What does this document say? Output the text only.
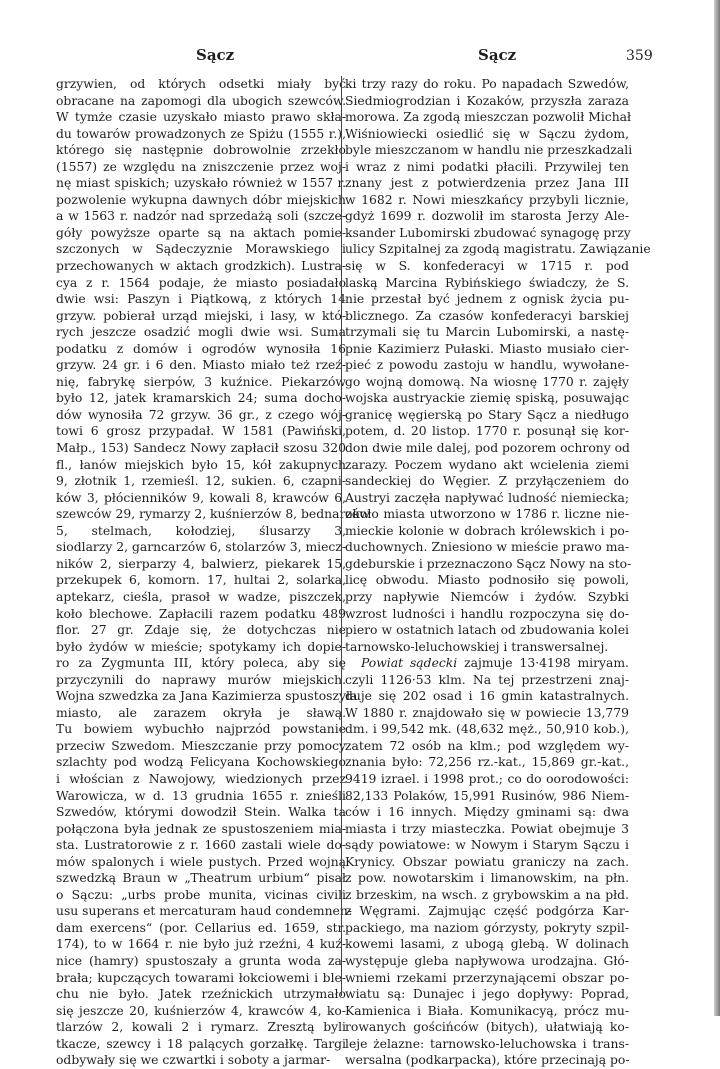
Sącz	Sącz	359
grzywien, od których odsetki miały być
obracane na zapomogi dla ubogich szewców.
W tymże czasie uzyskało miasto prawo skła-
du towarów prowadzonych ze Spiżu (1555 r.),
którego się następnie dobrowolnie zrzekło
(1557) ze względu na zniszczenie przez woj-
nę miast spiskich; uzyskało również w 1557 r.
pozwolenie wykupna dawnych dóbr miejskich
a w 1563 r. nadzór nad sprzedażą soli (szcze-
góły powyższe oparte są na aktach pomie-
szczonych w Sądeczyznie Morawskiego i
przechowanych w aktach grodzkich). Lustra-
cya z r. 1564 podaje, że miasto posiadało
dwie wsi: Paszyn i Piątkową, z których 14
grzyw. pobierał urząd miejski, i lasy, w któ-
rych jeszcze osadzić mogli dwie wsi. Suma
podatku z domów i ogrodów wynosiła 16
grzyw. 24 gr. i 6 den. Miasto miało też rzeź-
nię, fabrykę sierpów, 3 kuźnice. Piekarzów
było 12, jatek kramarskich 24; suma docho-
dów wynosiła 72 grzyw. 36 gr., z czego wój-
towi 6 grosz przypadał. W 1581 (Pawiński,
Małp., 153) Sandecz Nowy zapłacił szosu 320
fl., łanów miejskich było 15, kół zakupnych
9, złotnik 1, rzemieśl. 12, sukien. 6, czapni-
ków 3, płócienników 9, kowali 8, krawców 6,
szewców 29, rymarzy 2, kuśnierzów 8, bednarzów
5, stelmach, kołodziej, ślusarzy 3,
siodlarzy 2, garncarzów 6, stolarzów 3, miecz-
ników 2, sierparzy 4, balwierz, piekarek 15,
przekupek 6, komorn. 17, hultai 2, solarka,
aptekarz, cieśla, prasoł w wadze, piszczek,
koło blechowe. Zapłacili razem podatku 489
flor. 27 gr. Zdaje się, że dotychczas nie
było żydów w mieście; spotykamy ich dopie-
ro za Zygmunta III, który poleca, aby się
przyczynili do naprawy murów miejskich.
Wojna szwedzka za Jana Kazimierza spustoszyła
miasto, ale zarazem okryła je sławą.
Tu bowiem wybuchło najprzód powstanie
przeciw Szwedom. Mieszczanie przy pomocy
szlachty pod wodzą Felicyana Kochowskiego
i włościan z Nawojowy, wiedzionych przez
Warowicza, w d. 13 grudnia 1655 r. znieśli
Szwedów, którymi dowodził Stein. Walka ta
połączona była jednak ze spustoszeniem mia-
sta. Lustratorowie z r. 1660 zastali wiele do-
mów spalonych i wiele pustych. Przed wojną
szwedzką Braun w „Theatrum urbium“ pisał
o Sączu: „urbs probe munita, vicinas civili
usu superans et mercaturam haud condemnen-
dam exercens“ (por. Cellarius ed. 1659, str.
174), to w 1664 r. nie było już rzeźni, 4 kuź-
nice (hamry) spustoszały a grunta woda za-
brała; kupczących towarami łokciowemi i ble-
chu nie było. Jatek rzeźnickich utrzymało
się jeszcze 20, kuśnierzów 4, krawców 4, ko-
tlarzów 2, kowali 2 i rymarz. Zresztą byli
tkacze, szewcy i 18 palących gorzałkę. Targi
odbywały się we czwartki i soboty a jarmar-
ki trzy razy do roku. Po napadach Szwedów,
Siedmiogrodzian i Kozaków, przyszła zaraza
morowa. Za zgodą mieszczan pozwolił Michał
Wiśniowiecki osiedlić się w Sączu żydom,
byle mieszczanom w handlu nie przeszkadzali
i wraz z nimi podatki płacili. Przywilej ten
znany jest z potwierdzenia przez Jana III
w 1682 r. Nowi mieszkańcy przybyli licznie,
gdyż 1699 r. dozwolił im starosta Jerzy Ale-
ksander Lubomirski zbudować synagogę przy
ulicy Szpitalnej za zgodą magistratu. Zawiązanie
się w S. konfederacyi w 1715 r. pod
laską Marcina Rybińskiego świadczy, że S.
nie przestał być jednem z ognisk życia pu-
blicznego. Za czasów konfederacyi barskiej
trzymali się tu Marcin Lubomirski, a nastę-
pnie Kazimierz Pułaski. Miasto musiało cier-
pieć z powodu zastoju w handlu, wywołane-
go wojną domową. Na wiosnę 1770 r. zajęły
wojska austryackie ziemię spiską, posuwając
granicę węgierską po Stary Sącz a niedługo
potem, d. 20 listop. 1770 r. posunął się kor-
don dwie mile dalej, pod pozorem ochrony od
zarazy. Poczem wydano akt wcielenia ziemi
sandeckiej do Węgier. Z przyłączeniem do
Austryi zaczęła napływać ludność niemiecka;
około miasta utworzono w 1786 r. liczne nie-
mieckie kolonie w dobrach królewskich i po-
duchownych. Zniesiono w mieście prawo ma-
gdeburskie i przeznaczono Sącz Nowy na sto-
licę obwodu. Miasto podnosiło się powoli,
przy napływie Niemców i żydów. Szybki
wzrost ludności i handlu rozpoczyna się do-
piero w ostatnich latach od zbudowania kolei
tarnowsko-leluchowskiej i transwersalnej.
Powiat sądecki zajmuje 13·4198 miryam.
czyli 1126·53 klm. Na tej przestrzeni znaj-
duje się 202 osad i 16 gmin katastralnych.
W 1880 r. znajdowało się w powiecie 13,779
dm. i 99,542 mk. (48,632 męż., 50,910 kob.),
zatem 72 osób na klm.; pod względem wy-
znania było: 72,256 rz.-kat., 15,869 gr.-kat.,
9419 izrael. i 1998 prot.; co do oorodowości:
82,133 Polaków, 15,991 Rusinów, 986 Niem-
ców i 16 innych. Między gminami są: dwa
miasta i trzy miasteczka. Powiat obejmuje 3
sądy powiatowe: w Nowym i Starym Sączu i
Krynicy. Obszar powiatu graniczy na zach.
z pow. nowotarskim i limanowskim, na płn.
z brzeskim, na wsch. z grybowskim a na płd.
z Węgrami. Zajmując część podgórza Kar-
packiego, ma naziom górzysty, pokryty szpil-
kowemi lasami, z ubogą glebą. W dolinach
występuje gleba napływowa urodzajna. Głó-
wniemi rzekami przerzynającemi obszar po-
wiatu są: Dunajec i jego dopływy: Poprad,
Kamienica i Biała. Komunikacyą, prócz mu-
rowanych gościńców (bitych), ułatwiają ko-
leje żelazne: tarnowsko-leluchowska i trans-
wersalna (podkarpacka), które przecinają po-
